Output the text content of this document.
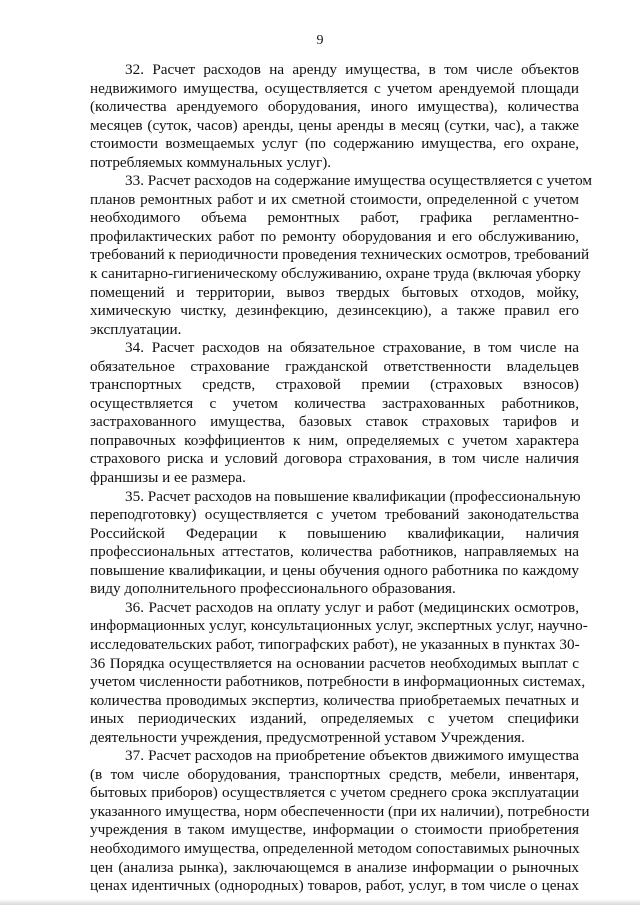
9
32. Расчет расходов на аренду имущества, в том числе объектов
недвижимого имущества, осуществляется с учетом арендуемой площади
(количества арендуемого оборудования, иного имущества), количества
месяцев (суток, часов) аренды, цены аренды в месяц (сутки, час), а также
стоимости возмещаемых услуг (по содержанию имущества, его охране,
потребляемых коммунальных услуг).
33. Расчет расходов на содержание имущества осуществляется с учетом
планов ремонтных работ и их сметной стоимости, определенной с учетом
необходимого объема ремонтных работ, графика регламентно-
профилактических работ по ремонту оборудования и его обслуживанию,
требований к периодичности проведения технических осмотров, требований
к санитарно-гигиеническому обслуживанию, охране труда (включая уборку
помещений и территории, вывоз твердых бытовых отходов, мойку,
химическую чистку, дезинфекцию, дезинсекцию), а также правил его
эксплуатации.
34. Расчет расходов на обязательное страхование, в том числе на
обязательное страхование гражданской ответственности владельцев
транспортных средств, страховой премии (страховых взносов)
осуществляется с учетом количества застрахованных работников,
застрахованного имущества, базовых ставок страховых тарифов и
поправочных коэффициентов к ним, определяемых с учетом характера
страхового риска и условий договора страхования, в том числе наличия
франшизы и ее размера.
35. Расчет расходов на повышение квалификации (профессиональную
переподготовку) осуществляется с учетом требований законодательства
Российской Федерации к повышению квалификации, наличия
профессиональных аттестатов, количества работников, направляемых на
повышение квалификации, и цены обучения одного работника по каждому
виду дополнительного профессионального образования.
36. Расчет расходов на оплату услуг и работ (медицинских осмотров,
информационных услуг, консультационных услуг, экспертных услуг, научно-
исследовательских работ, типографских работ), не указанных в пунктах 30-
36 Порядка осуществляется на основании расчетов необходимых выплат с
учетом численности работников, потребности в информационных системах,
количества проводимых экспертиз, количества приобретаемых печатных и
иных периодических изданий, определяемых с учетом специфики
деятельности учреждения, предусмотренной уставом Учреждения.
37. Расчет расходов на приобретение объектов движимого имущества
(в том числе оборудования, транспортных средств, мебели, инвентаря,
бытовых приборов) осуществляется с учетом среднего срока эксплуатации
указанного имущества, норм обеспеченности (при их наличии), потребности
учреждения в таком имуществе, информации о стоимости приобретения
необходимого имущества, определенной методом сопоставимых рыночных
цен (анализа рынка), заключающемся в анализе информации о рыночных
ценах идентичных (однородных) товаров, работ, услуг, в том числе о ценах
